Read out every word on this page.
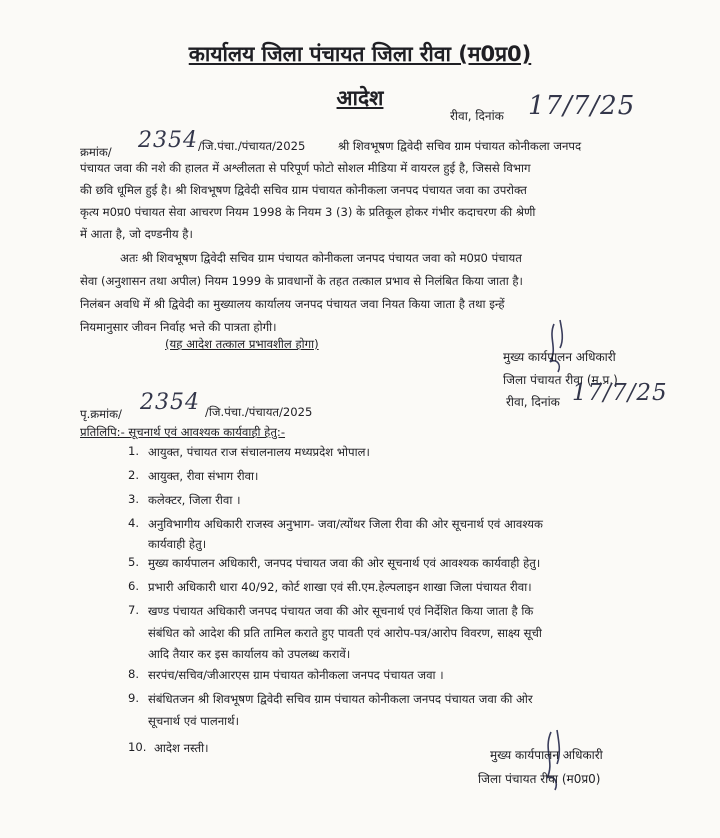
कार्यालय जिला पंचायत जिला रीवा (म0प्र0)
आदेश
रीवा, दिनांक 17/7/25
क्रमांक/ 2354 /जि.पंचा./पंचायत/2025	श्री शिवभूषण द्विवेदी सचिव ग्राम पंचायत कोनीकला जनपद
पंचायत जवा की नशे की हालत में अश्लीलता से परिपूर्ण फोटो सोशल मीडिया में वायरल हुई है, जिससे विभाग
की छवि धूमिल हुई है। श्री शिवभूषण द्विवेदी सचिव ग्राम पंचायत कोनीकला जनपद पंचायत जवा का उपरोक्त
कृत्य म0प्र0 पंचायत सेवा आचरण नियम 1998 के नियम 3 (3) के प्रतिकूल होकर गंभीर कदाचरण की श्रेणी
में आता है, जो दण्डनीय है।
अतः श्री शिवभूषण द्विवेदी सचिव ग्राम पंचायत कोनीकला जनपद पंचायत जवा को म0प्र0 पंचायत
सेवा (अनुशासन तथा अपील) नियम 1999 के प्रावधानों के तहत तत्काल प्रभाव से निलंबित किया जाता है।
निलंबन अवधि में श्री द्विवेदी का मुख्यालय कार्यालय जनपद पंचायत जवा नियत किया जाता है तथा इन्हें
नियमानुसार जीवन निर्वाह भत्ते की पात्रता होगी।
(यह आदेश तत्काल प्रभावशील होगा)
मुख्य कार्यपालन अधिकारी
जिला पंचायत रीवा (म.प्र.)
रीवा, दिनांक 17/7/25
पृ.क्रमांक/ 2354 /जि.पंचा./पंचायत/2025
प्रतिलिपि:- सूचनार्थ एवं आवश्यक कार्यवाही हेतु:-
1. आयुक्त, पंचायत राज संचालनालय मध्यप्रदेश भोपाल।
2. आयुक्त, रीवा संभाग रीवा।
3. कलेक्टर, जिला रीवा ।
4. अनुविभागीय अधिकारी राजस्व अनुभाग- जवा/त्योंथर जिला रीवा की ओर सूचनार्थ एवं आवश्यक
कार्यवाही हेतु।
5. मुख्य कार्यपालन अधिकारी, जनपद पंचायत जवा की ओर सूचनार्थ एवं आवश्यक कार्यवाही हेतु।
6. प्रभारी अधिकारी धारा 40/92, कोर्ट शाखा एवं सी.एम.हेल्पलाइन शाखा जिला पंचायत रीवा।
7. खण्ड पंचायत अधिकारी जनपद पंचायत जवा की ओर सूचनार्थ एवं निर्देशित किया जाता है कि
संबंधित को आदेश की प्रति तामिल कराते हुए पावती एवं आरोप-पत्र/आरोप विवरण, साक्ष्य सूची
आदि तैयार कर इस कार्यालय को उपलब्ध करावें।
8. सरपंच/सचिव/जीआरएस ग्राम पंचायत कोनीकला जनपद पंचायत जवा ।
9. संबंधितजन श्री शिवभूषण द्विवेदी सचिव ग्राम पंचायत कोनीकला जनपद पंचायत जवा की ओर
सूचनार्थ एवं पालनार्थ।
10. आदेश नस्ती।	मुख्य कार्यपालन अधिकारी
जिला पंचायत रीवा (म0प्र0)
